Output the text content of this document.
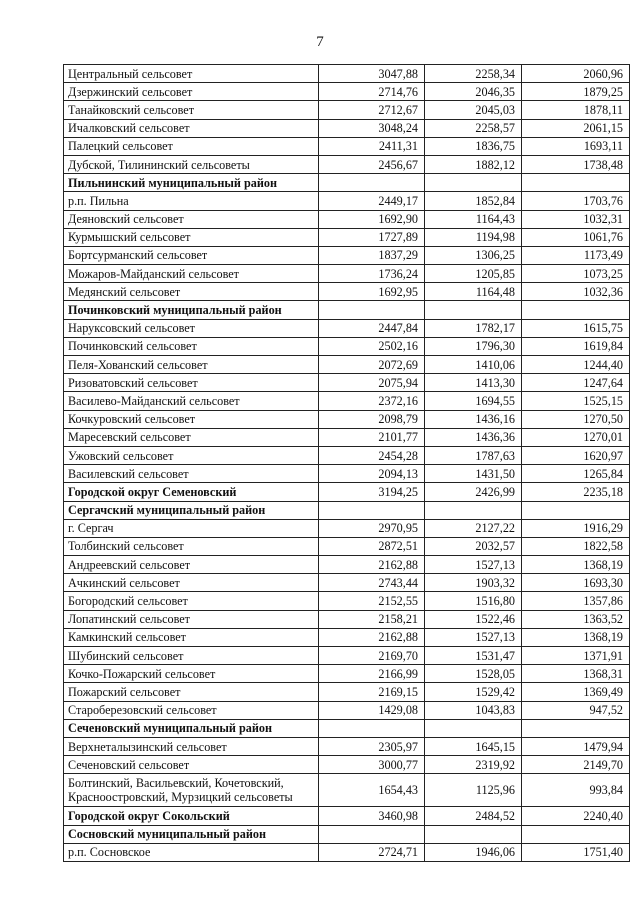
7
Центральный сельсовет	3047,88	2258,34	2060,96
Дзержинский сельсовет	2714,76	2046,35	1879,25
Танайковский сельсовет	2712,67	2045,03	1878,11
Ичалковский сельсовет	3048,24	2258,57	2061,15
Палецкий сельсовет	2411,31	1836,75	1693,11
Дубской, Тилининский сельсоветы	2456,67	1882,12	1738,48
Пильнинский муниципальный район			
р.п. Пильна	2449,17	1852,84	1703,76
Деяновский сельсовет	1692,90	1164,43	1032,31
Курмышский сельсовет	1727,89	1194,98	1061,76
Бортсурманский сельсовет	1837,29	1306,25	1173,49
Можаров-Майданский сельсовет	1736,24	1205,85	1073,25
Медянский сельсовет	1692,95	1164,48	1032,36
Починковский муниципальный район			
Наруксовский сельсовет	2447,84	1782,17	1615,75
Починковский сельсовет	2502,16	1796,30	1619,84
Пеля-Хованский сельсовет	2072,69	1410,06	1244,40
Ризоватовский сельсовет	2075,94	1413,30	1247,64
Василево-Майданский сельсовет	2372,16	1694,55	1525,15
Кочкуровский сельсовет	2098,79	1436,16	1270,50
Маресевский сельсовет	2101,77	1436,36	1270,01
Ужовский сельсовет	2454,28	1787,63	1620,97
Василевский сельсовет	2094,13	1431,50	1265,84
Городской округ Семеновский	3194,25	2426,99	2235,18
Сергачский муниципальный район			
г. Сергач	2970,95	2127,22	1916,29
Толбинский сельсовет	2872,51	2032,57	1822,58
Андреевский сельсовет	2162,88	1527,13	1368,19
Ачкинский сельсовет	2743,44	1903,32	1693,30
Богородский сельсовет	2152,55	1516,80	1357,86
Лопатинский сельсовет	2158,21	1522,46	1363,52
Камкинский сельсовет	2162,88	1527,13	1368,19
Шубинский сельсовет	2169,70	1531,47	1371,91
Кочко-Пожарский сельсовет	2166,99	1528,05	1368,31
Пожарский сельсовет	2169,15	1529,42	1369,49
Староберезовский сельсовет	1429,08	1043,83	947,52
Сеченовский муниципальный район			
Верхнеталызинский сельсовет	2305,97	1645,15	1479,94
Сеченовский сельсовет	3000,77	2319,92	2149,70
Болтинский, Васильевский, Кочетовский, Красноостровский, Мурзицкий сельсоветы	1654,43	1125,96	993,84
Городской округ Сокольский	3460,98	2484,52	2240,40
Сосновский муниципальный район			
р.п. Сосновское	2724,71	1946,06	1751,40
